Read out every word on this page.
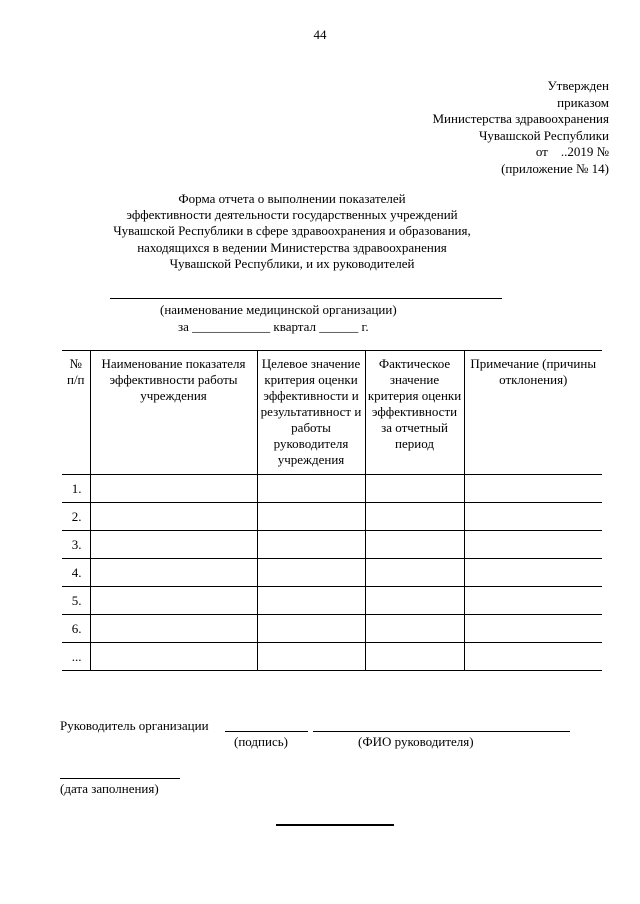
44
Утвержден
приказом
Министерства здравоохранения
Чувашской Республики
от    ..2019 №
(приложение № 14)
Форма отчета о выполнении показателей
эффективности деятельности государственных учреждений
Чувашской Республики в сфере здравоохранения и образования,
находящихся в ведении Министерства здравоохранения
Чувашской Республики, и их руководителей
(наименование медицинской организации)
за ____________ квартал ______ г.
№ п/п	Наименование показателя эффективности работы учреждения	Целевое значение критерия оценки эффективности и результативност и работы руководителя учреждения	Фактическое значение критерия оценки эффективности за отчетный период	Примечание (причины отклонения)
1.				
2.				
3.				
4.				
5.				
6.				
...				
Руководитель организации
(подпись)	(ФИО руководителя)
(дата заполнения)
